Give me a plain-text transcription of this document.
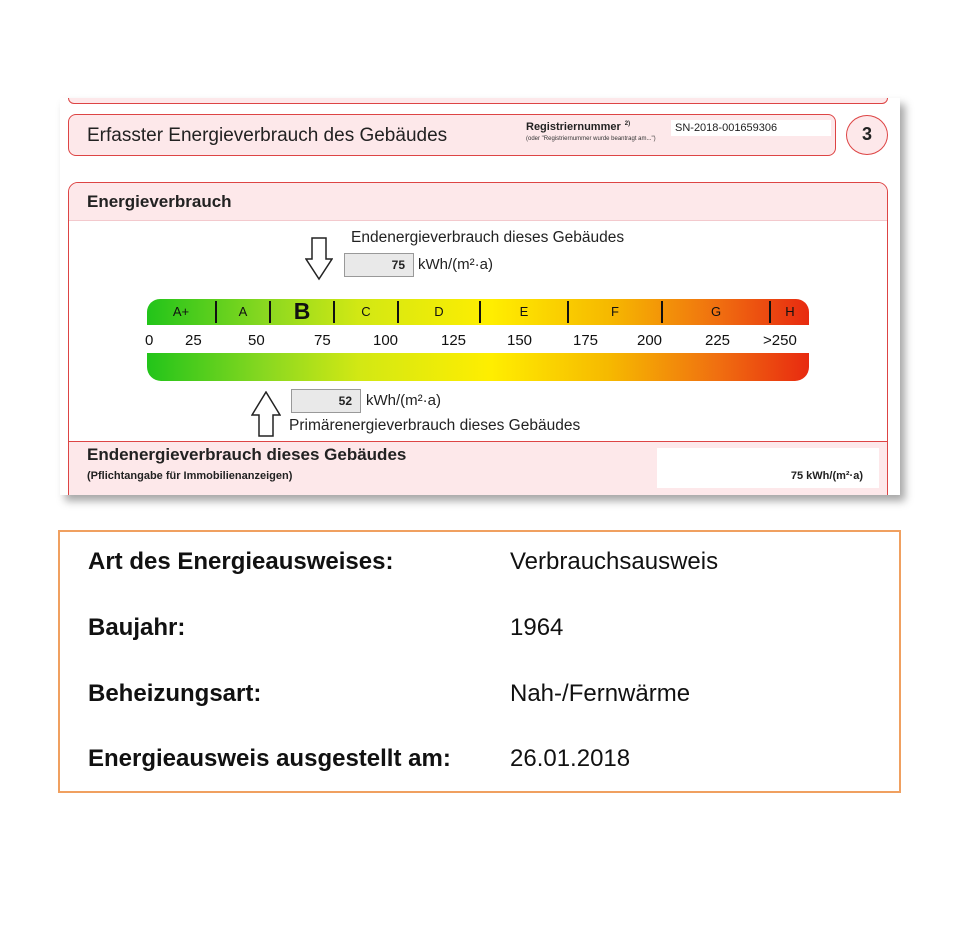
Erfasster Energieverbrauch des Gebäudes	Registriernummer $^{2)}$
(oder "Registriernummer wurde beantragt am...")
SN-2018-001659306	3
Energieverbrauch
Endenergieverbrauch dieses Gebäudes
75 kWh/(m²·a)
A+	A	B	C	D	E	F	G	H
0 25	50	75	100	125	150	175	200	225 >250
52 kWh/(m²·a)
Primärenergieverbrauch dieses Gebäudes
Endenergieverbrauch dieses Gebäudes
(Pflichtangabe für Immobilienanzeigen)	75 kWh/(m²·a)
Art des Energieausweises:	Verbrauchsausweis
Baujahr:	1964
Beheizungsart:	Nah-/Fernwärme
Energieausweis ausgestellt am: 26.01.2018
